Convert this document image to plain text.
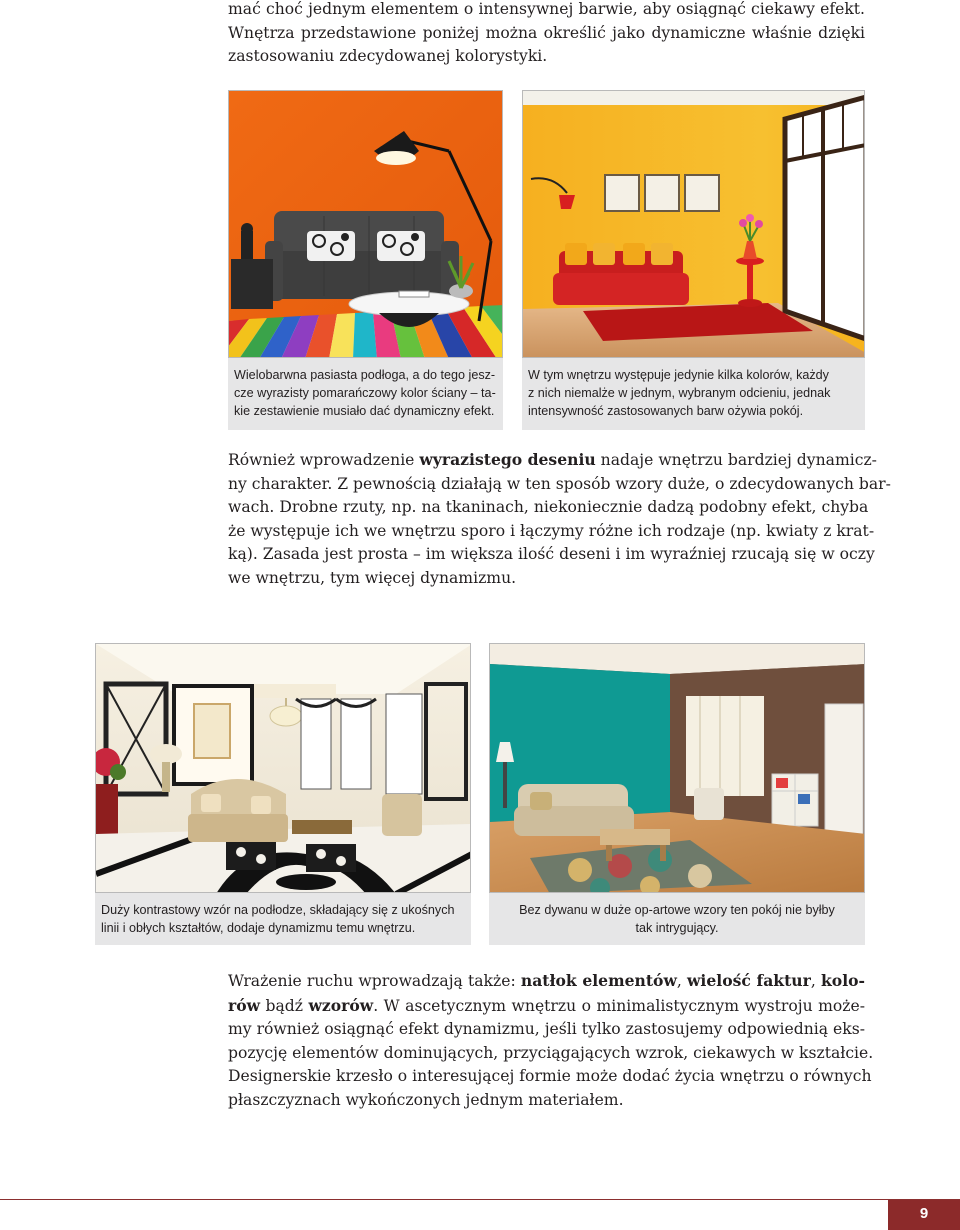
mać choć jednym elementem o intensywnej barwie, aby osiągnąć ciekawy efekt.
Wnętrza przedstawione poniżej można określić jako dynamiczne właśnie dzięki
zastosowaniu zdecydowanej kolorystyki.
Wielobarwna pasiasta podłoga, a do tego jesz-
cze wyrazisty pomarańczowy kolor ściany – ta-
kie zestawienie musiało dać dynamiczny efekt.
W tym wnętrzu występuje jedynie kilka kolorów, każdy
z nich niemalże w jednym, wybranym odcieniu, jednak
intensywność zastosowanych barw ożywia pokój.
Również wprowadzenie wyrazistego deseniu nadaje wnętrzu bardziej dynamicz-
ny charakter. Z pewnością działają w ten sposób wzory duże, o zdecydowanych bar-
wach. Drobne rzuty, np. na tkaninach, niekoniecznie dadzą podobny efekt, chyba
że występuje ich we wnętrzu sporo i łączymy różne ich rodzaje (np. kwiaty z krat-
ką). Zasada jest prosta – im większa ilość deseni i im wyraźniej rzucają się w oczy
we wnętrzu, tym więcej dynamizmu.
Duży kontrastowy wzór na podłodze, składający się z ukośnych
linii i obłych kształtów, dodaje dynamizmu temu wnętrzu.
Bez dywanu w duże op-artowe wzory ten pokój nie byłby
tak intrygujący.
Wrażenie ruchu wprowadzają także: natłok elementów, wielość faktur, kolo-
rów bądź wzorów. W ascetycznym wnętrzu o minimalistycznym wystroju może-
my również osiągnąć efekt dynamizmu, jeśli tylko zastosujemy odpowiednią eks-
pozycję elementów dominujących, przyciągających wzrok, ciekawych w kształcie.
Designerskie krzesło o interesującej formie może dodać życia wnętrzu o równych
płaszczyznach wykończonych jednym materiałem.
9
